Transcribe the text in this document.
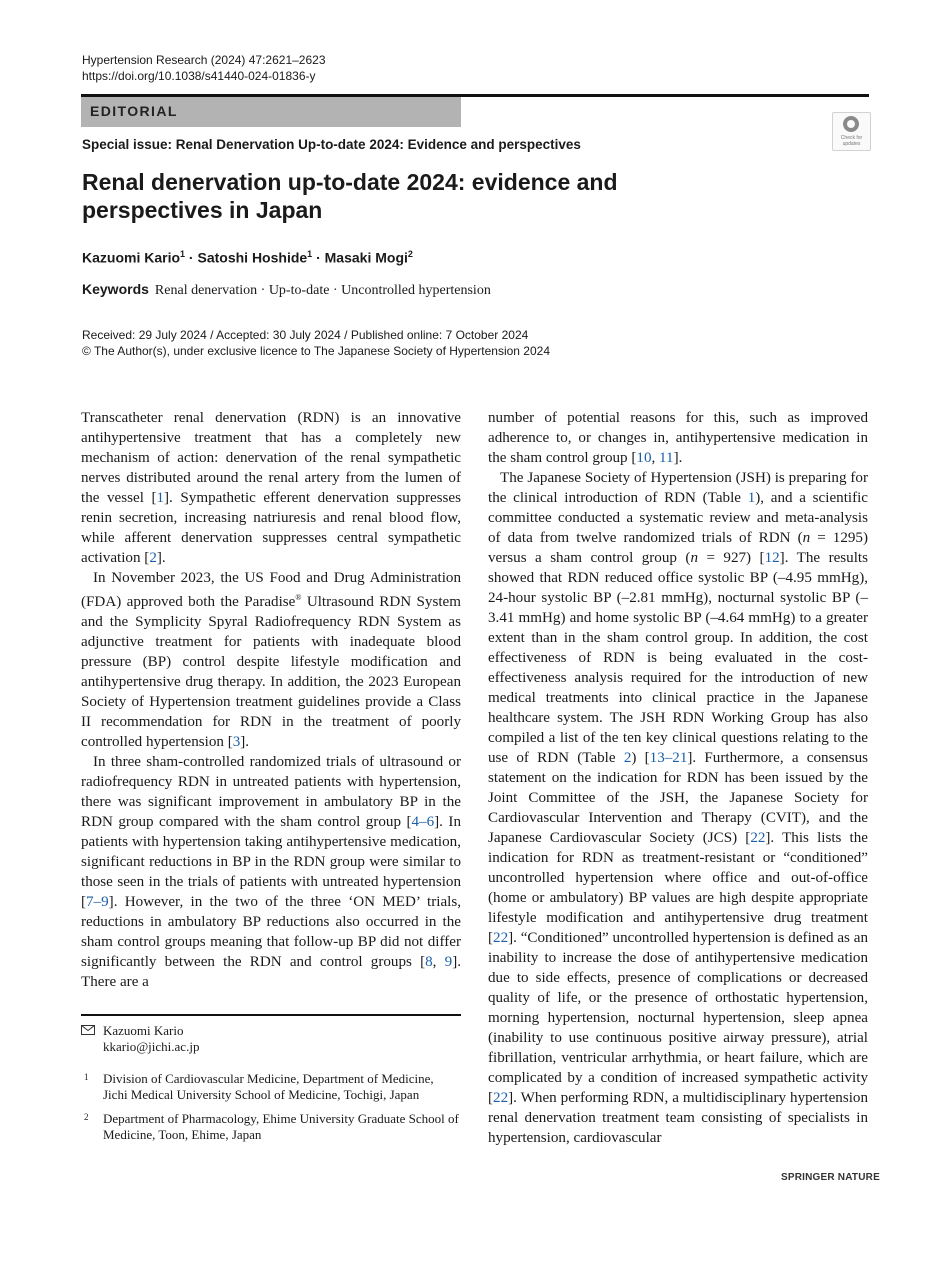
Hypertension Research (2024) 47:2621–2623
https://doi.org/10.1038/s41440-024-01836-y
EDITORIAL
Check for updates
Special issue: Renal Denervation Up-to-date 2024: Evidence and perspectives
Renal denervation up-to-date 2024: evidence and perspectives in Japan
Kazuomi Kario$^1$ · Satoshi Hoshide$^1$ · Masaki Mogi$^2$
Keywords Renal denervation · Up-to-date · Uncontrolled hypertension
Received: 29 July 2024 / Accepted: 30 July 2024 / Published online: 7 October 2024
© The Author(s), under exclusive licence to The Japanese Society of Hypertension 2024

Transcatheter renal denervation (RDN) is an innovative antihypertensive treatment that has a completely new mechanism of action: denervation of the renal sympathetic nerves distributed around the renal artery from the lumen of the vessel [1]. Sympathetic efferent denervation suppresses renin secretion, increasing natriuresis and renal blood flow, while afferent denervation suppresses central sympathetic activation [2].

In November 2023, the US Food and Drug Administration (FDA) approved both the Paradise® Ultrasound RDN System and the Symplicity Spyral Radiofrequency RDN System as adjunctive treatment for patients with inadequate blood pressure (BP) control despite lifestyle modification and antihypertensive drug therapy. In addition, the 2023 European Society of Hypertension treatment guidelines provide a Class II recommendation for RDN in the treatment of poorly controlled hypertension [3].

In three sham-controlled randomized trials of ultrasound or radiofrequency RDN in untreated patients with hypertension, there was significant improvement in ambulatory BP in the RDN group compared with the sham control group [4–6]. In patients with hypertension taking antihypertensive medication, significant reductions in BP in the RDN group were similar to those seen in the trials of patients with untreated hypertension [7–9]. However, in the two of the three ‘ON MED’ trials, reductions in ambulatory BP reductions also occurred in the sham control groups meaning that follow-up BP did not differ significantly between the RDN and control groups [8, 9]. There are a

number of potential reasons for this, such as improved adherence to, or changes in, antihypertensive medication in the sham control group [10, 11].

The Japanese Society of Hypertension (JSH) is preparing for the clinical introduction of RDN (Table 1), and a scientific committee conducted a systematic review and meta-analysis of data from twelve randomized trials of RDN (n = 1295) versus a sham control group (n = 927) [12]. The results showed that RDN reduced office systolic BP (–4.95 mmHg), 24-hour systolic BP (–2.81 mmHg), nocturnal systolic BP (–3.41 mmHg) and home systolic BP (–4.64 mmHg) to a greater extent than in the sham control group. In addition, the cost effectiveness of RDN is being evaluated in the cost-effectiveness analysis required for the introduction of new medical treatments into clinical practice in the Japanese healthcare system. The JSH RDN Working Group has also compiled a list of the ten key clinical questions relating to the use of RDN (Table 2) [13–21]. Furthermore, a consensus statement on the indication for RDN has been issued by the Joint Committee of the JSH, the Japanese Society for Cardiovascular Intervention and Therapy (CVIT), and the Japanese Cardiovascular Society (JCS) [22]. This lists the indication for RDN as treatment-resistant or “conditioned” uncontrolled hypertension where office and out-of-office (home or ambulatory) BP values are high despite appropriate lifestyle modification and antihypertensive drug treatment [22]. “Conditioned” uncontrolled hypertension is defined as an inability to increase the dose of antihypertensive medication due to side effects, presence of complications or decreased quality of life, or the presence of orthostatic hypertension, morning hypertension, nocturnal hypertension, sleep apnea (inability to use continuous positive airway pressure), atrial fibrillation, ventricular arrhythmia, or heart failure, which are complicated by a condition of increased sympathetic activity [22]. When performing RDN, a multidisciplinary hypertension renal denervation treatment team consisting of specialists in hypertension, cardiovascular

Kazuomi Kario
kkario@jichi.ac.jp
1 Division of Cardiovascular Medicine, Department of Medicine, Jichi Medical University School of Medicine, Tochigi, Japan
2 Department of Pharmacology, Ehime University Graduate School of Medicine, Toon, Ehime, Japan
SPRINGER NATURE
